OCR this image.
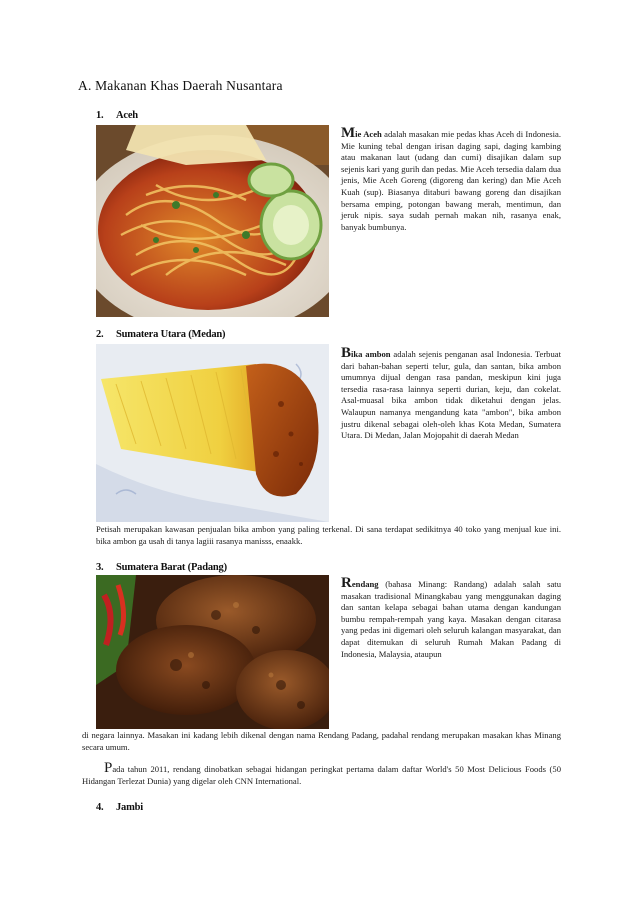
A. Makanan Khas Daerah Nusantara
1. Aceh
Mie Aceh adalah masakan mie pedas khas Aceh di Indonesia. Mie kuning tebal dengan irisan daging sapi, daging kambing atau makanan laut (udang dan cumi) disajikan dalam sup sejenis kari yang gurih dan pedas. Mie Aceh tersedia dalam dua jenis, Mie Aceh Goreng (digoreng dan kering) dan Mie Aceh Kuah (sup). Biasanya ditaburi bawang goreng dan disajikan bersama emping, potongan bawang merah, mentimun, dan jeruk nipis. saya sudah pernah makan nih, rasanya enak, banyak bumbunya.
2. Sumatera Utara (Medan)
Bika ambon adalah sejenis penganan asal Indonesia. Terbuat dari bahan-bahan seperti telur, gula, dan santan, bika ambon umumnya dijual dengan rasa pandan, meskipun kini juga tersedia rasa-rasa lainnya seperti durian, keju, dan cokelat. Asal-muasal bika ambon tidak diketahui dengan jelas. Walaupun namanya mengandung kata "ambon", bika ambon justru dikenal sebagai oleh-oleh khas Kota Medan, Sumatera Utara. Di Medan, Jalan Mojopahit di daerah Medan
Petisah merupakan kawasan penjualan bika ambon yang paling terkenal. Di sana terdapat sedikitnya 40 toko yang menjual kue ini. bika ambon ga usah di tanya lagiii rasanya manisss, enaakk.
3. Sumatera Barat (Padang)
Rendang (bahasa Minang: Randang) adalah salah satu masakan tradisional Minangkabau yang menggunakan daging dan santan kelapa sebagai bahan utama dengan kandungan bumbu rempah-rempah yang kaya. Masakan dengan citarasa yang pedas ini digemari oleh seluruh kalangan masyarakat, dan dapat ditemukan di seluruh Rumah Makan Padang di Indonesia, Malaysia, ataupun
di negara lainnya. Masakan ini kadang lebih dikenal dengan nama Rendang Padang, padahal rendang merupakan masakan khas Minang secara umum.
Pada tahun 2011, rendang dinobatkan sebagai hidangan peringkat pertama dalam daftar World's 50 Most Delicious Foods (50 Hidangan Terlezat Dunia) yang digelar oleh CNN International.
4. Jambi
